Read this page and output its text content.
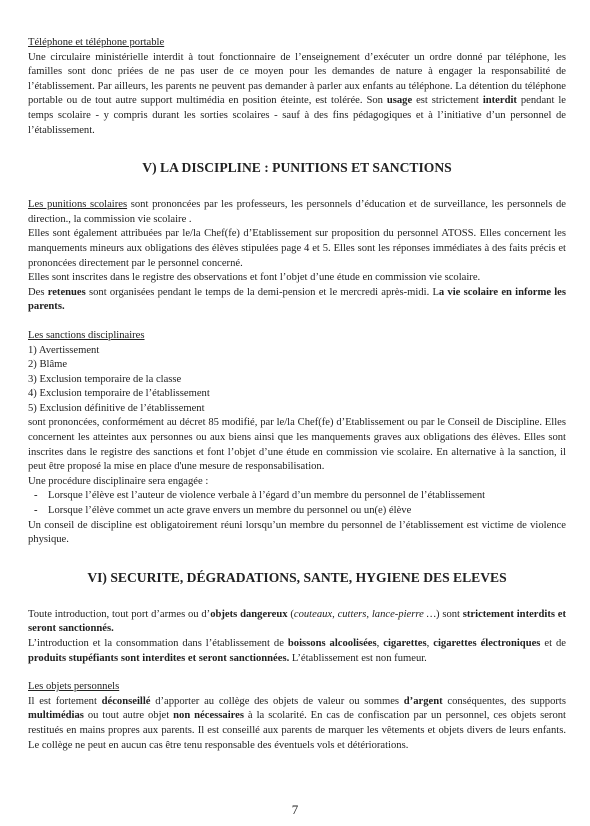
Téléphone et téléphone portable

Une circulaire ministérielle interdit à tout fonctionnaire de l’enseignement d’exécuter un ordre donné par téléphone, les familles sont donc priées de ne pas user de ce moyen pour les demandes de nature à engager la responsabilité de l’établissement. Par ailleurs, les parents ne peuvent pas demander à parler aux enfants au téléphone. La détention du téléphone portable ou de tout autre support multimédia en position éteinte, est tolérée. Son usage est strictement interdit pendant le temps scolaire - y compris durant les sorties scolaires - sauf à des fins pédagogiques et à l’initiative d’un personnel de l’établissement.

V) LA DISCIPLINE : PUNITIONS ET SANCTIONS

Les punitions scolaires sont prononcées par les professeurs, les personnels d’éducation et de surveillance, les personnels de direction., la commission vie scolaire .

Elles sont également attribuées par le/la Chef(fe) d’Etablissement sur proposition du personnel ATOSS. Elles concernent les manquements mineurs aux obligations des élèves stipulées page 4 et 5. Elles sont les réponses immédiates à des faits précis et prononcées directement par le personnel concerné.

Elles sont inscrites dans le registre des observations et font l’objet d’une étude en commission vie scolaire.

Des retenues sont organisées pendant le temps de la demi-pension et le mercredi après-midi. La vie scolaire en informe les parents.

Les sanctions disciplinaires

1) Avertissement
2) Blâme
3) Exclusion temporaire de la classe
4) Exclusion temporaire de l’établissement
5) Exclusion définitive de l’établissement

sont prononcées, conformément au décret 85 modifié, par le/la Chef(fe) d’Etablissement ou par le Conseil de Discipline. Elles concernent les atteintes aux personnes ou aux biens ainsi que les manquements graves aux obligations des élèves. Elles sont inscrites dans le registre des sanctions et font l’objet d’une étude en commission vie scolaire. En alternative à la sanction, il peut être proposé la mise en place d'une mesure de responsabilisation.

Une procédure disciplinaire sera engagée :

- Lorsque l’élève est l’auteur de violence verbale à l’égard d’un membre du personnel de l’établissement
- Lorsque l’élève commet un acte grave envers un membre du personnel ou un(e) élève

Un conseil de discipline est obligatoirement réuni lorsqu’un membre du personnel de l’établissement est victime de violence physique.

VI) SECURITE, DÉGRADATIONS, SANTE, HYGIENE DES ELEVES

Toute introduction, tout port d’armes ou d’objets dangereux (couteaux, cutters, lance-pierre …) sont strictement interdits et seront sanctionnés.

L’introduction et la consommation dans l’établissement de boissons alcoolisées, cigarettes, cigarettes électroniques et de produits stupéfiants sont interdites et seront sanctionnées. L’établissement est non fumeur.

Les objets personnels

Il est fortement déconseillé d’apporter au collège des objets de valeur ou sommes d’argent conséquentes, des supports multimédias ou tout autre objet non nécessaires à la scolarité. En cas de confiscation par un personnel, ces objets seront restitués en mains propres aux parents. Il est conseillé aux parents de marquer les vêtements et objets divers de leurs enfants. Le collège ne peut en aucun cas être tenu responsable des éventuels vols et détériorations.

7
